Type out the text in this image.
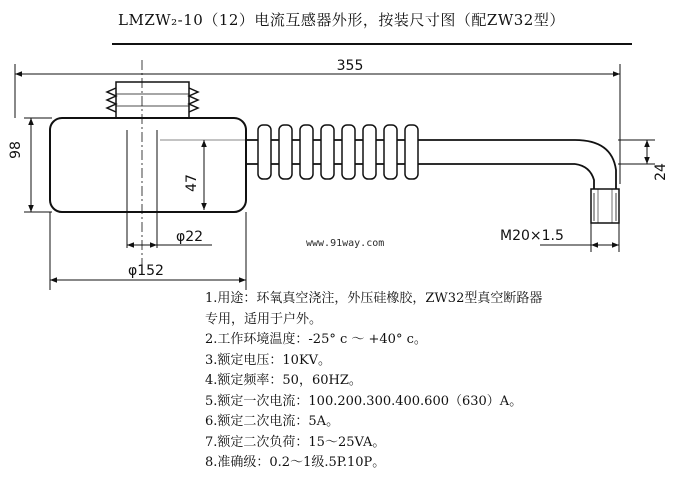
LMZW₂-10（12）电流互感器外形，按装尺寸图（配ZW32型）
355
98
47
24
φ22
φ152
M20×1.5
www.91way.com
1.用途：环氧真空浇注，外压硅橡胶，ZW32型真空断路器
专用，适用于户外。
2.工作环境温度：-25° c ～ +40° c。
3.额定电压：10KV。
4.额定频率：50，60HZ。
5.额定一次电流：100.200.300.400.600（630）A。
6.额定二次电流：5A。
7.额定二次负荷：15～25VA。
8.准确级：0.2～1级.5P.10P。
